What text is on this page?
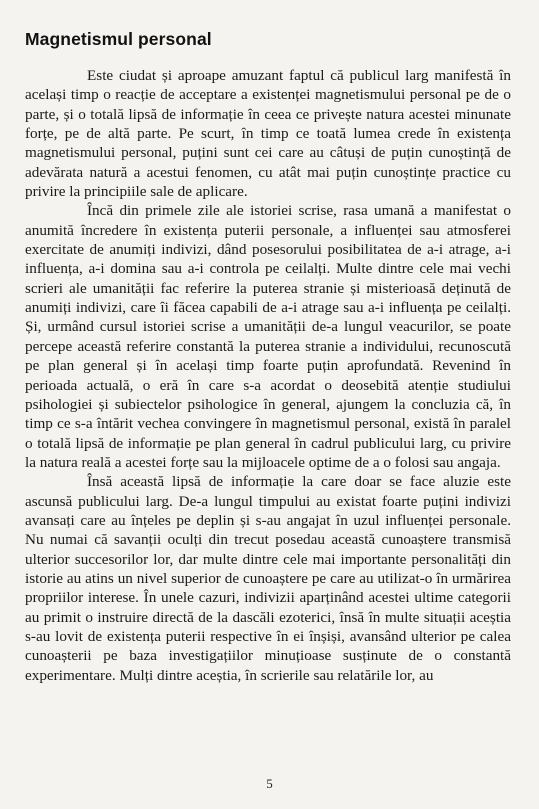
Magnetismul personal

Este ciudat și aproape amuzant faptul că publicul larg manifestă în același timp o reacție de acceptare a existenței magnetismului personal pe de o parte, și o totală lipsă de informație în ceea ce privește natura acestei minunate forțe, pe de altă parte. Pe scurt, în timp ce toată lumea crede în existența magnetismului personal, puțini sunt cei care au câtuși de puțin cunoștință de adevărata natură a acestui fenomen, cu atât mai puțin cunoștințe practice cu privire la principiile sale de aplicare.

Încă din primele zile ale istoriei scrise, rasa umană a manifestat o anumită încredere în existența puterii personale, a influenței sau atmosferei exercitate de anumiți indivizi, dând posesorului posibilitatea de a-i atrage, a-i influența, a-i domina sau a-i controla pe ceilalți. Multe dintre cele mai vechi scrieri ale umanității fac referire la puterea stranie și misterioasă deținută de anumiți indivizi, care îi făcea capabili de a-i atrage sau a-i influența pe ceilalți. Și, urmând cursul istoriei scrise a umanității de-a lungul veacurilor, se poate percepe această referire constantă la puterea stranie a individului, recunoscută pe plan general și în același timp foarte puțin aprofundată. Revenind în perioada actuală, o eră în care s-a acordat o deosebită atenție studiului psihologiei și subiectelor psihologice în general, ajungem la concluzia că, în timp ce s-a întărit vechea convingere în magnetismul personal, există în paralel o totală lipsă de informație pe plan general în cadrul publicului larg, cu privire la natura reală a acestei forțe sau la mijloacele optime de a o folosi sau angaja.

Însă această lipsă de informație la care doar se face aluzie este ascunsă publicului larg. De-a lungul timpului au existat foarte puțini indivizi avansați care au înțeles pe deplin și s-au angajat în uzul influenței personale. Nu numai că savanții oculți din trecut posedau această cunoaștere transmisă ulterior succesorilor lor, dar multe dintre cele mai importante personalități din istorie au atins un nivel superior de cunoaștere pe care au utilizat-o în urmărirea propriilor interese. În unele cazuri, indivizii aparținând acestei ultime categorii au primit o instruire directă de la dascăli ezoterici, însă în multe situații aceștia s-au lovit de existența puterii respective în ei înșiși, avansând ulterior pe calea cunoașterii pe baza investigațiilor minuțioase susținute de o constantă experimentare. Mulți dintre aceștia, în scrierile sau relatările lor, au

5
